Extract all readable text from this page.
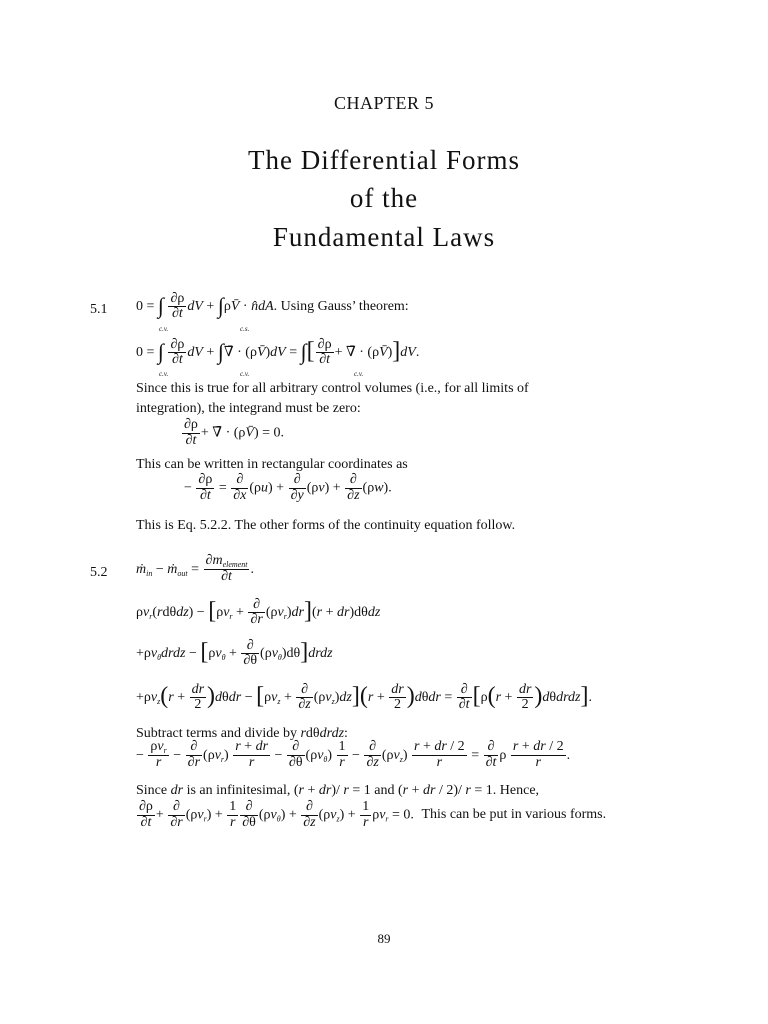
CHAPTER 5
The Differential Forms
of the
Fundamental Laws
5.1 0 = ∫ $\frac{\partial\rho}{\partial t}$ dV + ∫ρV̄ · n̂dA. Using Gauss’ theorem:
c.v.	c.s.
0 = ∫ $\frac{\partial\rho}{\partial t}$ dV + ∫∇̄ · (ρV̄)dV = ∫[ $\frac{\partial\rho}{\partial t}$ + ∇̄ · (ρV̄)]dV.
c.v.	c.v.	c.v.
Since this is true for all arbitrary control volumes (i.e., for all limits of
integration), the integrand must be zero:
$\frac{\partial\rho}{\partial t}$ + ∇̄ · (ρV̄) = 0.
This can be written in rectangular coordinates as
− $\frac{\partial\rho}{\partial t} = \frac{\partial}{\partial x} (\rho u) + \frac{\partial}{\partial y} (\rho v) + \frac{\partial}{\partial z} (\rho w)$.
This is Eq. 5.2.2. The other forms of the continuity equation follow.
5.2 ṁ$_{in}$ − ṁ$_{out}$ = $\frac{\partial m_{element}}{\partial t}$ .
$\rho v_r(rd\theta dz) - [\rho v_r + \frac{\partial}{\partial r} (\rho v_r)dr](r + dr)d\theta dz$
$+\rho v_\theta drdz - [\rho v_\theta + \frac{\partial}{\partial\theta}$ $(\rho v_\theta)d\theta]drdz$
$+\rho v_z(r + \frac{dr}{2} )d\theta dr - [\rho v_z + \frac{\partial}{\partial z} (\rho v_z)dz](r + \frac{dr}{2} )d\theta dr = \frac{\partial}{\partial t} [\rho(r + \frac{dr}{2}$ )dθdrdz].
Subtract terms and divide by rdθdrdz:
− $\frac{\rho v_r}{r} - \frac{\partial}{\partial r} (\rho v_r) \frac{r + dr}{r} - \frac{\partial}{\partial\theta} (\rho v_\theta) \frac{1}{r} - \frac{\partial}{\partial z} (\rho v_z) \frac{r + dr / 2}{r} = \frac{\partial}{\partial t}$ ρ $\frac{r + dr / 2}{r}$ .
Since dr is an infinitesimal, (r + dr)/ r = 1 and (r + dr / 2)/ r = 1. Hence,
$\frac{\partial\rho}{\partial t} + \frac{\partial}{\partial r} (\rho v_r) + \frac{1}{r} \frac{\partial}{\partial\theta} (\rho v_\theta) + \frac{\partial}{\partial z} (\rho v_z) + \frac{1}{r} \rho v_r = 0$. This can be put in various forms.
89
